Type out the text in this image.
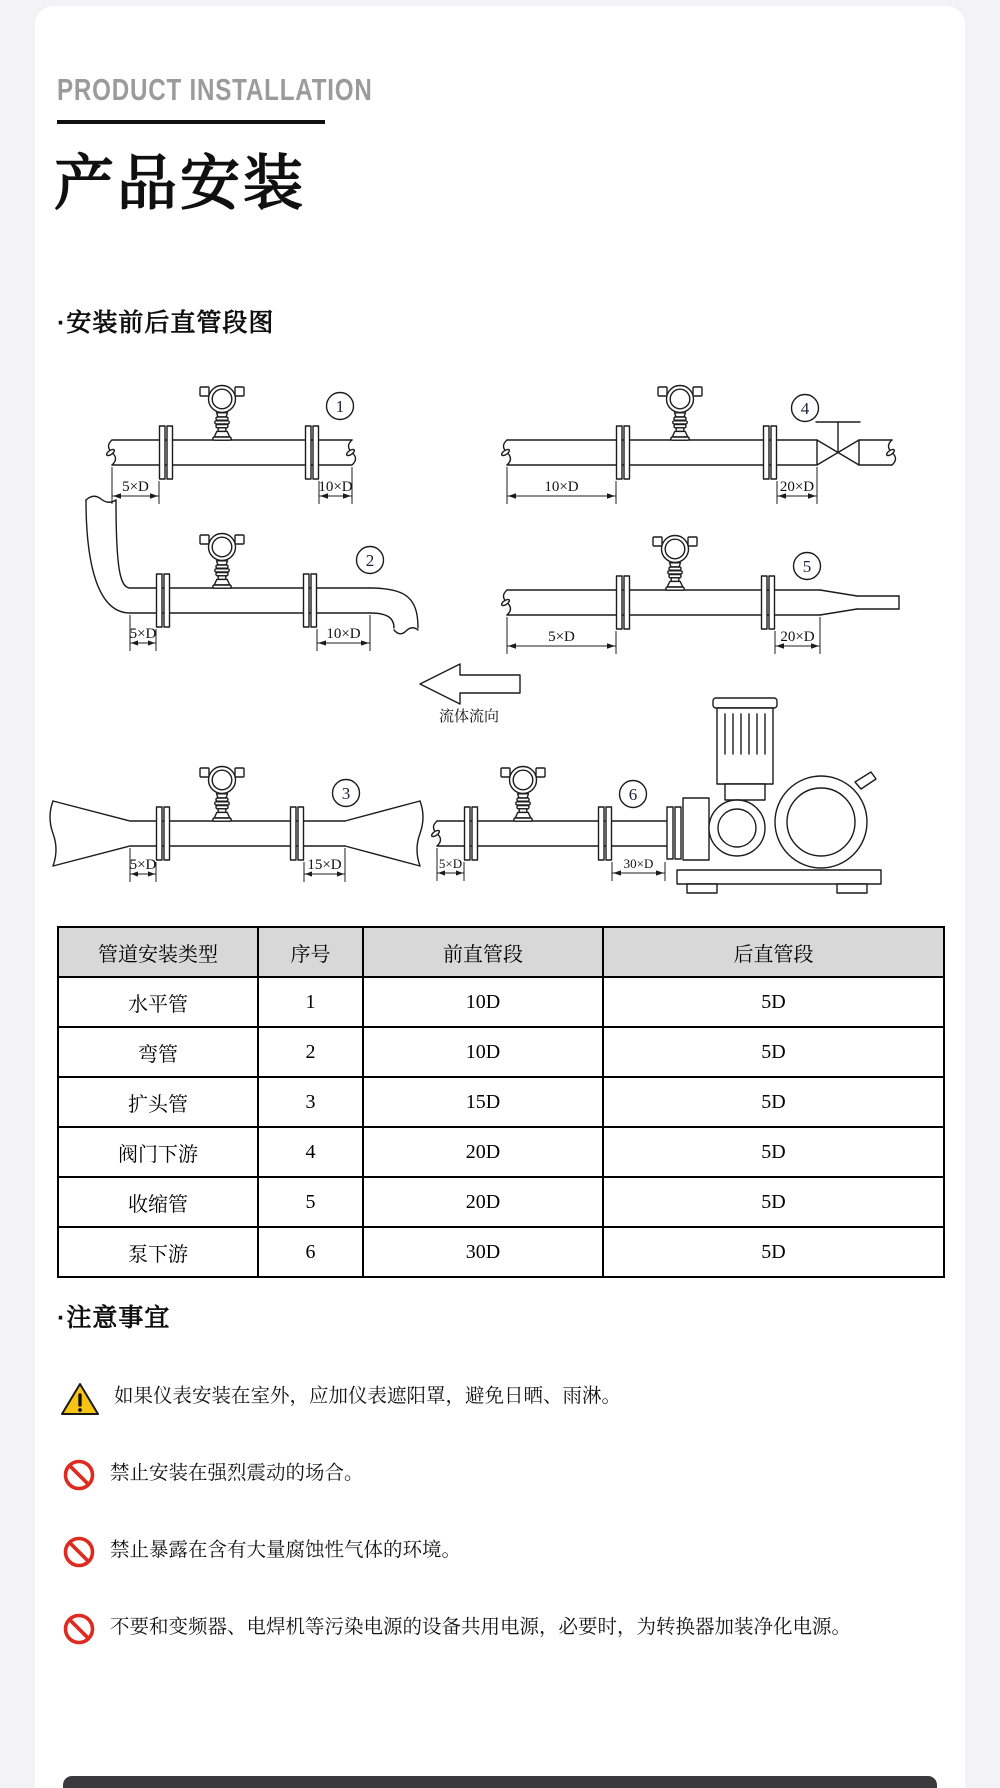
PRODUCT INSTALLATION
产品安装
·安装前后直管段图
1
5×D	10×D
4
10×D	20×D
2
5×D	10×D
5
5×D	20×D
流体流向
3
5×D	15×D
6
5×D	30×D
管道安装类型	序号	前直管段	后直管段
水平管	1	10D	5D
弯管	2	10D	5D
扩头管	3	15D	5D
阀门下游	4	20D	5D
收缩管	5	20D	5D
泵下游	6	30D	5D
·注意事宜
如果仪表安装在室外，应加仪表遮阳罩，避免日晒、雨淋。
禁止安装在强烈震动的场合。
禁止暴露在含有大量腐蚀性气体的环境。
不要和变频器、电焊机等污染电源的设备共用电源，必要时，为转换器加装净化电源。
